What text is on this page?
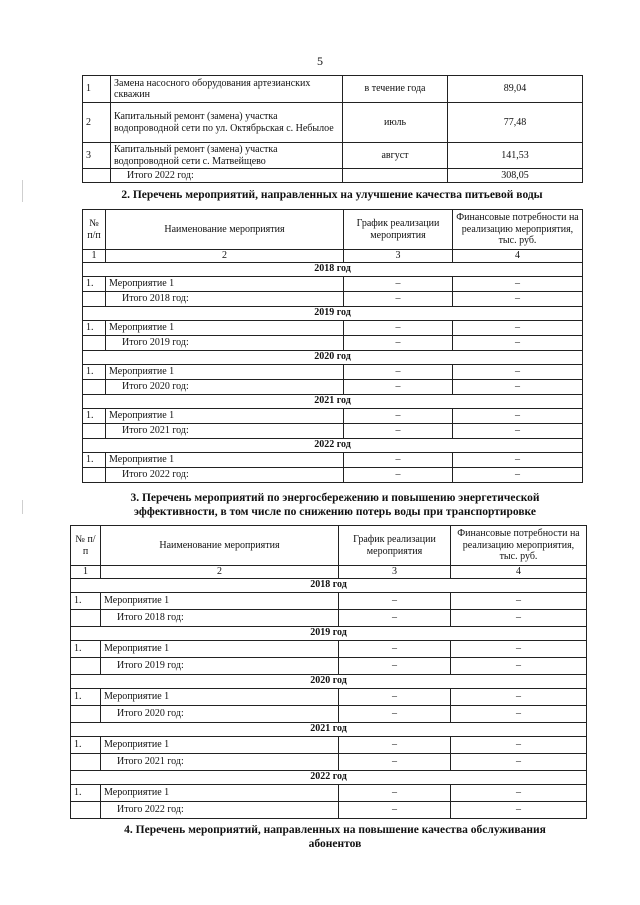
5
1	Замена насосного оборудования артезианских скважин	в течение года	89,04
2	Капитальный ремонт (замена) участка водопроводной сети по ул. Октябрьская с. Небылое	июль	77,48
3	Капитальный ремонт (замена) участка водопроводной сети с. Матвейщево	август	141,53
	Итого 2022 год:		308,05
2. Перечень мероприятий, направленных на улучшение качества питьевой воды
№ п/п	Наименование мероприятия	График реализации мероприятия	Финансовые потребности на реализацию мероприятия, тыс. руб.
1	2	3	4
2018 год			
1.	Мероприятие 1	–	–
	Итого 2018 год:	–	–
2019 год			
1.	Мероприятие 1	–	–
	Итого 2019 год:	–	–
2020 год			
1.	Мероприятие 1	–	–
	Итого 2020 год:	–	–
2021 год			
1.	Мероприятие 1	–	–
	Итого 2021 год:	–	–
2022 год			
1.	Мероприятие 1	–	–
	Итого 2022 год:	–	–
3. Перечень мероприятий по энергосбережению и повышению энергетической
эффективности, в том числе по снижению потерь воды при транспортировке
№ п/п	Наименование мероприятия	График реализации мероприятия	Финансовые потребности на реализацию мероприятия, тыс. руб.
1	2	3	4
2018 год			
1.	Мероприятие 1	–	–
	Итого 2018 год:	–	–
2019 год			
1.	Мероприятие 1	–	–
	Итого 2019 год:	–	–
2020 год			
1.	Мероприятие 1	–	–
	Итого 2020 год:	–	–
2021 год			
1.	Мероприятие 1	–	–
	Итого 2021 год:	–	–
2022 год			
1.	Мероприятие 1	–	–
	Итого 2022 год:	–	–
4. Перечень мероприятий, направленных на повышение качества обслуживания
абонентов
